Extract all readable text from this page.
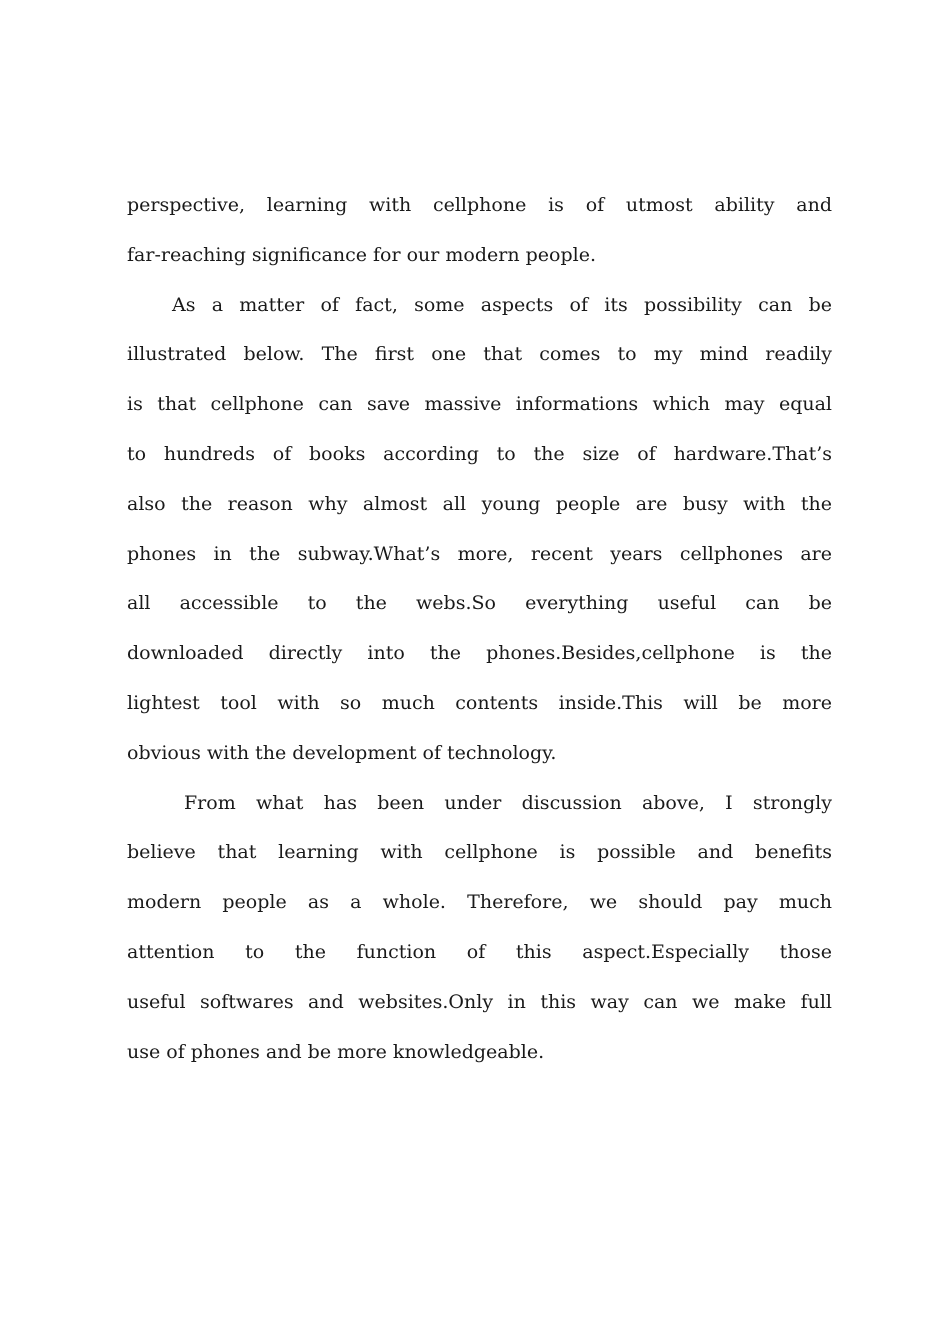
perspective, learning with cellphone is of utmost ability and
far-reaching significance for our modern people.
As a matter of fact, some aspects of its possibility can be
illustrated below. The first one that comes to my mind readily
is that cellphone can save massive informations which may equal
to hundreds of books according to the size of hardware.That’s
also the reason why almost all young people are busy with the
phones in the subway.What’s more, recent years cellphones are
all accessible to the webs.So everything useful can be
downloaded directly into the phones.Besides,cellphone is the
lightest tool with so much contents inside.This will be more
obvious with the development of technology.
From what has been under discussion above, I strongly
believe that learning with cellphone is possible and benefits
modern people as a whole. Therefore, we should pay much
attention to the function of this aspect.Especially those
useful softwares and websites.Only in this way can we make full
use of phones and be more knowledgeable.
